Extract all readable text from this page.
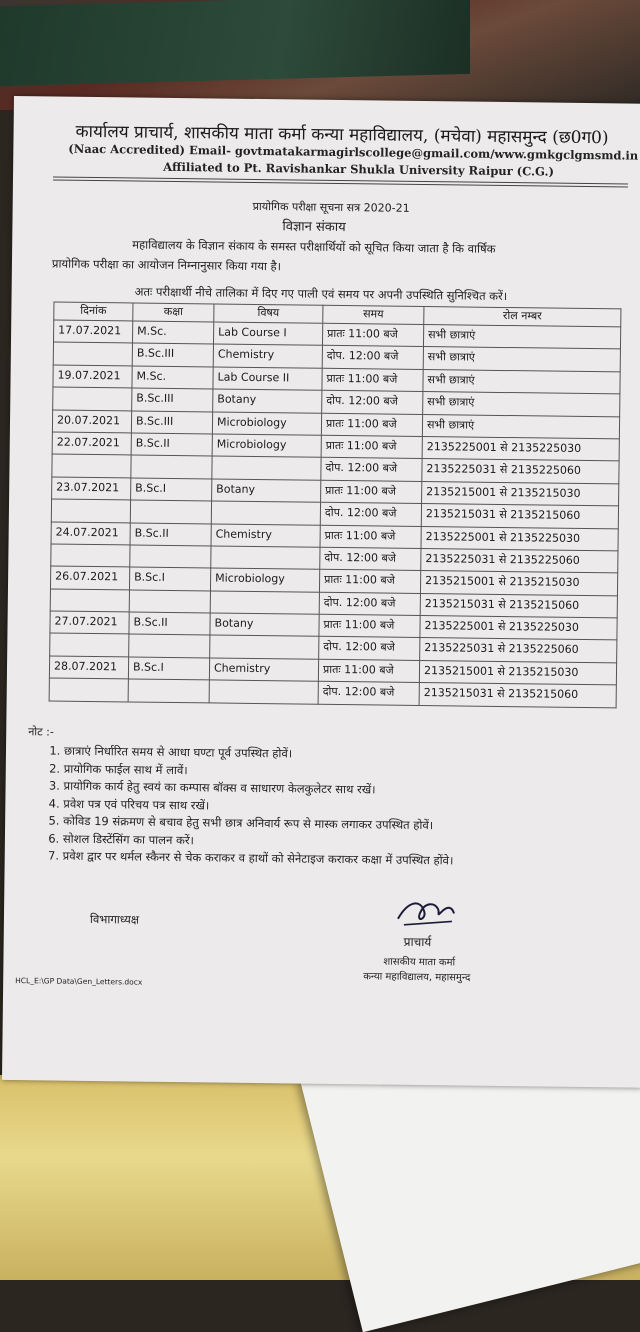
कार्यालय प्राचार्य, शासकीय माता कर्मा कन्या महाविद्यालय, (मचेवा) महासमुन्द (छ0ग0)
(Naac Accredited) Email- govtmatakarmagirlscollege@gmail.com/www.gmkgclgmsmd.in
Affiliated to Pt. Ravishankar Shukla University Raipur (C.G.)
प्रायोगिक परीक्षा सूचना सत्र 2020-21
विज्ञान संकाय
महाविद्यालय के विज्ञान संकाय के समस्त परीक्षार्थियों को सूचित किया जाता है कि वार्षिक
प्रायोगिक परीक्षा का आयोजन निम्नानुसार किया गया है।
अतः परीक्षार्थी नीचे तालिका में दिए गए पाली एवं समय पर अपनी उपस्थिति सुनिश्चित करें।
दिनांक	कक्षा	विषय	समय	रोल नम्बर
17.07.2021	M.Sc.	Lab Course I	प्रातः 11:00 बजे	सभी छात्राएं
	B.Sc.III	Chemistry	दोप. 12:00 बजे	सभी छात्राएं
19.07.2021	M.Sc.	Lab Course II	प्रातः 11:00 बजे	सभी छात्राएं
	B.Sc.III	Botany	दोप. 12:00 बजे	सभी छात्राएं
20.07.2021	B.Sc.III	Microbiology	प्रातः 11:00 बजे	सभी छात्राएं
22.07.2021	B.Sc.II	Microbiology	प्रातः 11:00 बजे	2135225001 से 2135225030
			दोप. 12:00 बजे	2135225031 से 2135225060
23.07.2021	B.Sc.I	Botany	प्रातः 11:00 बजे	2135215001 से 2135215030
			दोप. 12:00 बजे	2135215031 से 2135215060
24.07.2021	B.Sc.II	Chemistry	प्रातः 11:00 बजे	2135225001 से 2135225030
			दोप. 12:00 बजे	2135225031 से 2135225060
26.07.2021	B.Sc.I	Microbiology	प्रातः 11:00 बजे	2135215001 से 2135215030
			दोप. 12:00 बजे	2135215031 से 2135215060
27.07.2021	B.Sc.II	Botany	प्रातः 11:00 बजे	2135225001 से 2135225030
			दोप. 12:00 बजे	2135225031 से 2135225060
28.07.2021	B.Sc.I	Chemistry	प्रातः 11:00 बजे	2135215001 से 2135215030
			दोप. 12:00 बजे	2135215031 से 2135215060
नोट :-
1. छात्राएं निर्धारित समय से आधा घण्टा पूर्व उपस्थित होवें।
2. प्रायोगिक फाईल साथ में लावें।
3. प्रायोगिक कार्य हेतु स्वयं का कम्पास बॉक्स व साधारण केलकुलेटर साथ रखें।
4. प्रवेश पत्र एवं परिचय पत्र साथ रखें।
5. कोविड 19 संक्रमण से बचाव हेतु सभी छात्र अनिवार्य रूप से मास्क लगाकर उपस्थित होवें।
6. सोशल डिस्टेंसिंग का पालन करें।
7. प्रवेश द्वार पर थर्मल स्कैनर से चेक कराकर व हाथों को सेनेटाइज कराकर कक्षा में उपस्थित होंवे।
विभागाध्यक्ष
प्राचार्य
शासकीय माता कर्मा
कन्या महाविद्यालय, महासमुन्द
HCL_E:\GP Data\Gen_Letters.docx
